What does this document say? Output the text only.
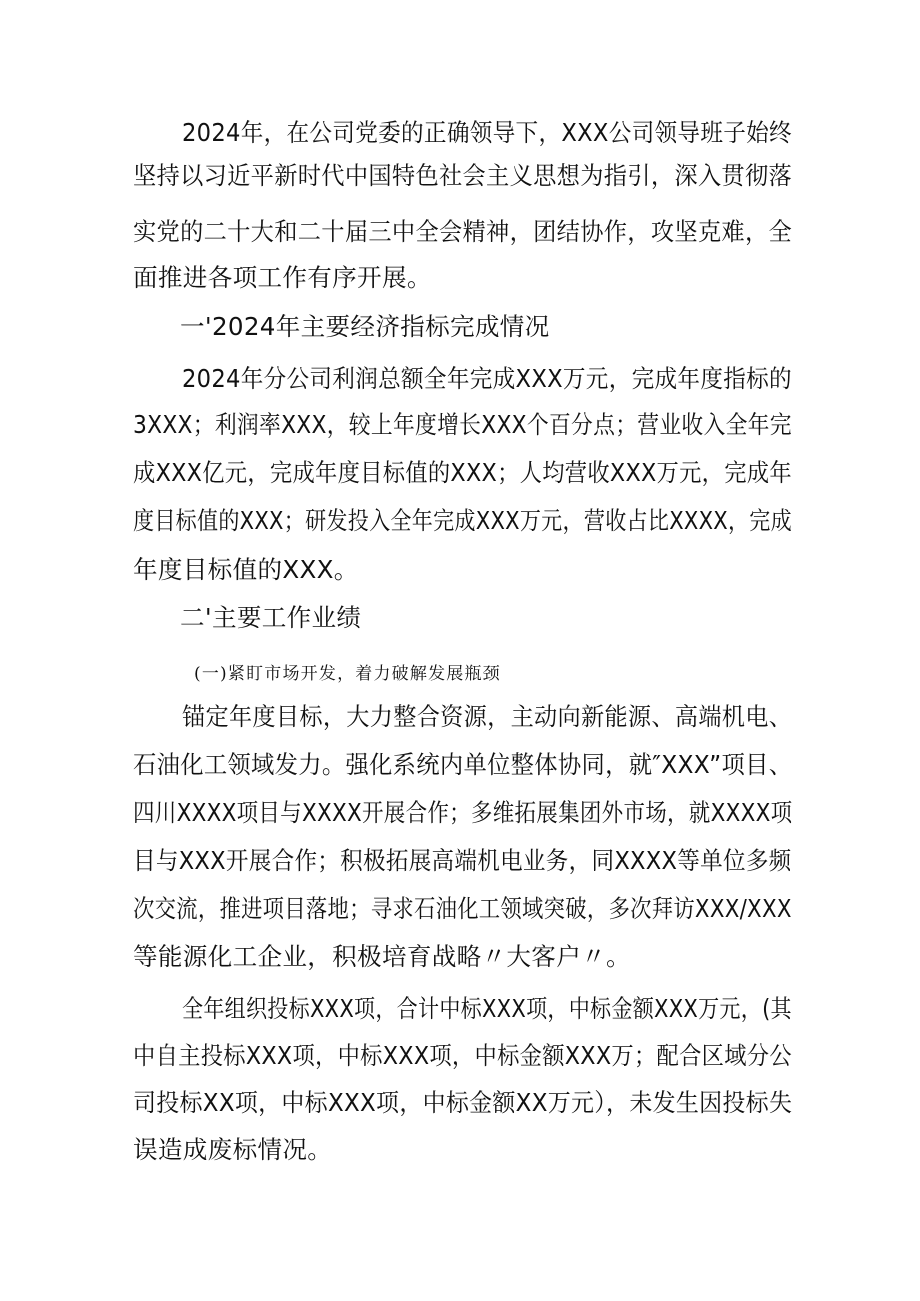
2024年，在公司党委的正确领导下，XXX公司领导班子始终
坚持以习近平新时代中国特色社会主义思想为指引，深入贯彻落
实党的二十大和二十届三中全会精神，团结协作，攻坚克难，全
面推进各项工作有序开展。
一'2024年主要经济指标完成情况
2024年分公司利润总额全年完成XXX万元，完成年度指标的
3XXX；利润率XXX，较上年度增长XXX个百分点；营业收入全年完
成XXX亿元，完成年度目标值的XXX；人均营收XXX万元，完成年
度目标值的XXX；研发投入全年完成XXX万元，营收占比XXXX，完成
年度目标值的XXX。
二'主要工作业绩
(一)紧盯市场开发，着力破解发展瓶颈
锚定年度目标，大力整合资源，主动向新能源、高端机电、
石油化工领域发力。强化系统内单位整体协同，就″XXX”项目、
四川XXXX项目与XXXX开展合作；多维拓展集团外市场，就XXXX项
目与XXX开展合作；积极拓展高端机电业务，同XXXX等单位多频
次交流，推进项目落地；寻求石油化工领域突破，多次拜访XXX/XXX
等能源化工企业，积极培育战略〃大客户〃。
全年组织投标XXX项，合计中标XXX项，中标金额XXX万元，(其
中自主投标XXX项，中标XXX项，中标金额XXX万；配合区域分公
司投标XX项，中标XXX项，中标金额XX万元），未发生因投标失
误造成废标情况。
